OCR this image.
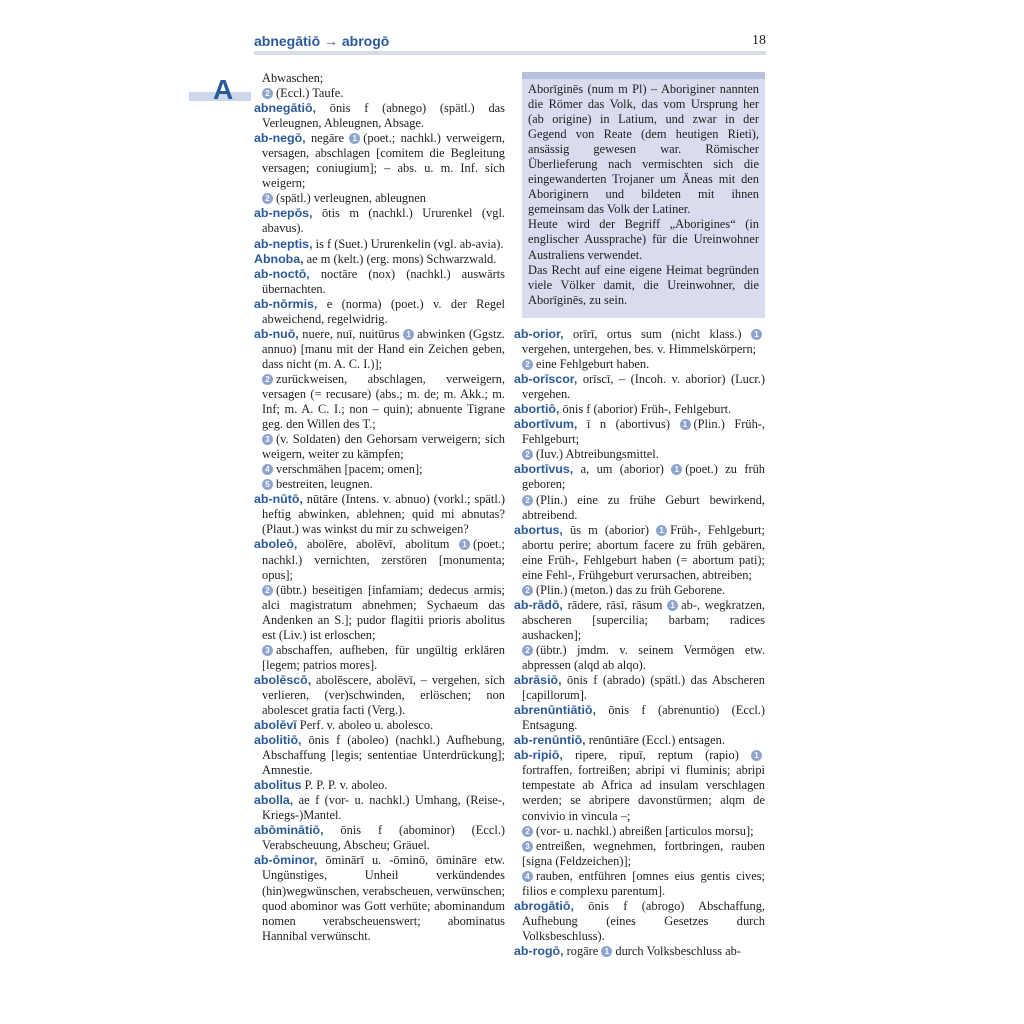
abnegātiō → abrogō	18
A	Aborīginēs (num m Pl) – Aboriginer nannten die Römer das Volk, das vom Ursprung her (ab origine) in Latium, und zwar in der Gegend von Reate (dem heutigen Rieti), ansässig gewesen war. Römischer Überlieferung nach vermischten sich die eingewanderten Trojaner um Äneas mit den Aboriginern und bildeten mit ihnen gemeinsam das Volk der Latiner.

Heute wird der Begriff „Aborigines“ (in englischer Aussprache) für die Ureinwohner Australiens verwendet.

Das Recht auf eine eigene Heimat begründen viele Völker damit, die Ureinwohner, die Aborīginēs, zu sein.

Abwaschen;

2 (Eccl.) Taufe.

abnegātiō, ōnis f (abnego) (spätl.) das Verleugnen, Ableugnen, Absage.

ab-negō, negāre 1 (poet.; nachkl.) verweigern, versagen, abschlagen [comitem die Begleitung versagen; coniugium]; – abs. u. m. Inf. sich weigern;

2 (spätl.) verleugnen, ableugnen

ab-nepōs, ōtis m (nachkl.) Ururenkel (vgl. abavus).

ab-neptis, is f (Suet.) Ururenkelin (vgl. ab-avia).

Abnoba, ae m (kelt.) (erg. mons) Schwarzwald.

ab-noctō, noctāre (nox) (nachkl.) auswärts übernachten.

ab-nōrmis, e (norma) (poet.) v. der Regel abweichend, regelwidrig.

ab-nuō, nuere, nuī, nuitūrus 1 abwinken (Ggstz. annuo) [manu mit der Hand ein Zeichen geben, dass nicht (m. A. C. I.)];

2 zurückweisen, abschlagen, verweigern, versagen (= recusare) (abs.; m. de; m. Akk.; m. Inf; m. A. C. I.; non – quin); abnuente Tigrane geg. den Willen des T.;

3 (v. Soldaten) den Gehorsam verweigern; sich weigern, weiter zu kämpfen;

4 verschmähen [pacem; omen];

5 bestreiten, leugnen.

ab-nūtō, nūtāre (Intens. v. abnuo) (vorkl.; spätl.) heftig abwinken, ablehnen; quid mi abnutas? (Plaut.) was winkst du mir zu schweigen?

aboleō, abolēre, abolēvī, abolitum 1 (poet.; nachkl.) vernichten, zerstören [monumenta; opus];

2 (übtr.) beseitigen [infamiam; dedecus armis; alci magistratum abnehmen; Sychaeum das Andenken an S.]; pudor flagitii prioris abolitus est (Liv.) ist erloschen;

3 abschaffen, aufheben, für ungültig erklären [legem; patrios mores].

abolēscō, abolēscere, abolēvī, – vergehen, sich verlieren, (ver)schwinden, erlöschen; non abolescet gratia facti (Verg.).

abolēvī Perf. v. aboleo u. abolesco.

abolitiō, ōnis f (aboleo) (nachkl.) Aufhebung, Abschaffung [legis; sententiae Unterdrückung]; Amnestie.

abolitus P. P. P. v. aboleo.

abolla, ae f (vor- u. nachkl.) Umhang, (Reise-, Kriegs-)Mantel.

abōminātiō, ōnis f (abominor) (Eccl.) Verabscheuung, Abscheu; Gräuel.

ab-ōminor, ōminārī u. -ōminō, ōmināre etw. Ungünstiges, Unheil verkündendes (hin)wegwünschen, verabscheuen, verwünschen; quod abominor was Gott verhüte; abominandum nomen verabscheuenswert; abominatus Hannibal verwünscht.

ab-orior, orīrī, ortus sum (nicht klass.) 1vergehen, untergehen, bes. v. Himmelskörpern;

2 eine Fehlgeburt haben.

ab-orīscor, orīscī, – (Incoh. v. aborior) (Lucr.) vergehen.

abortiō, ōnis f (aborior) Früh-, Fehlgeburt.

abortīvum, ī n (abortivus) 1 (Plin.) Früh-, Fehlgeburt;

2 (Iuv.) Abtreibungsmittel.

abortīvus, a, um (aborior) 1 (poet.) zu früh geboren;

2 (Plin.) eine zu frühe Geburt bewirkend, abtreibend.

abortus, ūs m (aborior) 1 Früh-, Fehlgeburt; abortu perire; abortum facere zu früh gebären, eine Früh-, Fehlgeburt haben (= abortum pati); eine Fehl-, Frühgeburt verursachen, abtreiben;

2 (Plin.) (meton.) das zu früh Geborene.

ab-rādō, rādere, rāsī, rāsum 1 ab-, wegkratzen, abscheren [supercilia; barbam; radices aushacken];

2 (übtr.) jmdm. v. seinem Vermögen etw. abpressen (alqd ab alqo).

abrāsiō, ōnis f (abrado) (spätl.) das Abscheren [capillorum].

abrenūntiātiō, ōnis f (abrenuntio) (Eccl.) Entsagung.

ab-renūntiō, renūntiāre (Eccl.) entsagen.

ab-ripiō, ripere, ripuī, reptum (rapio) 1fortraffen, fortreißen; abripi vi fluminis; abripi tempestate ab Africa ad insulam verschlagen werden; se abripere davonstürmen; alqm de convivio in vincula –;

2 (vor- u. nachkl.) abreißen [articulos morsu];

3 entreißen, wegnehmen, fortbringen, rauben [signa (Feldzeichen)];

4 rauben, entführen [omnes eius gentis cives; filios e complexu parentum].

abrogātiō, ōnis f (abrogo) Abschaffung, Aufhebung (eines Gesetzes durch Volksbeschluss).

ab-rogō, rogāre 1 durch Volksbeschluss ab-
